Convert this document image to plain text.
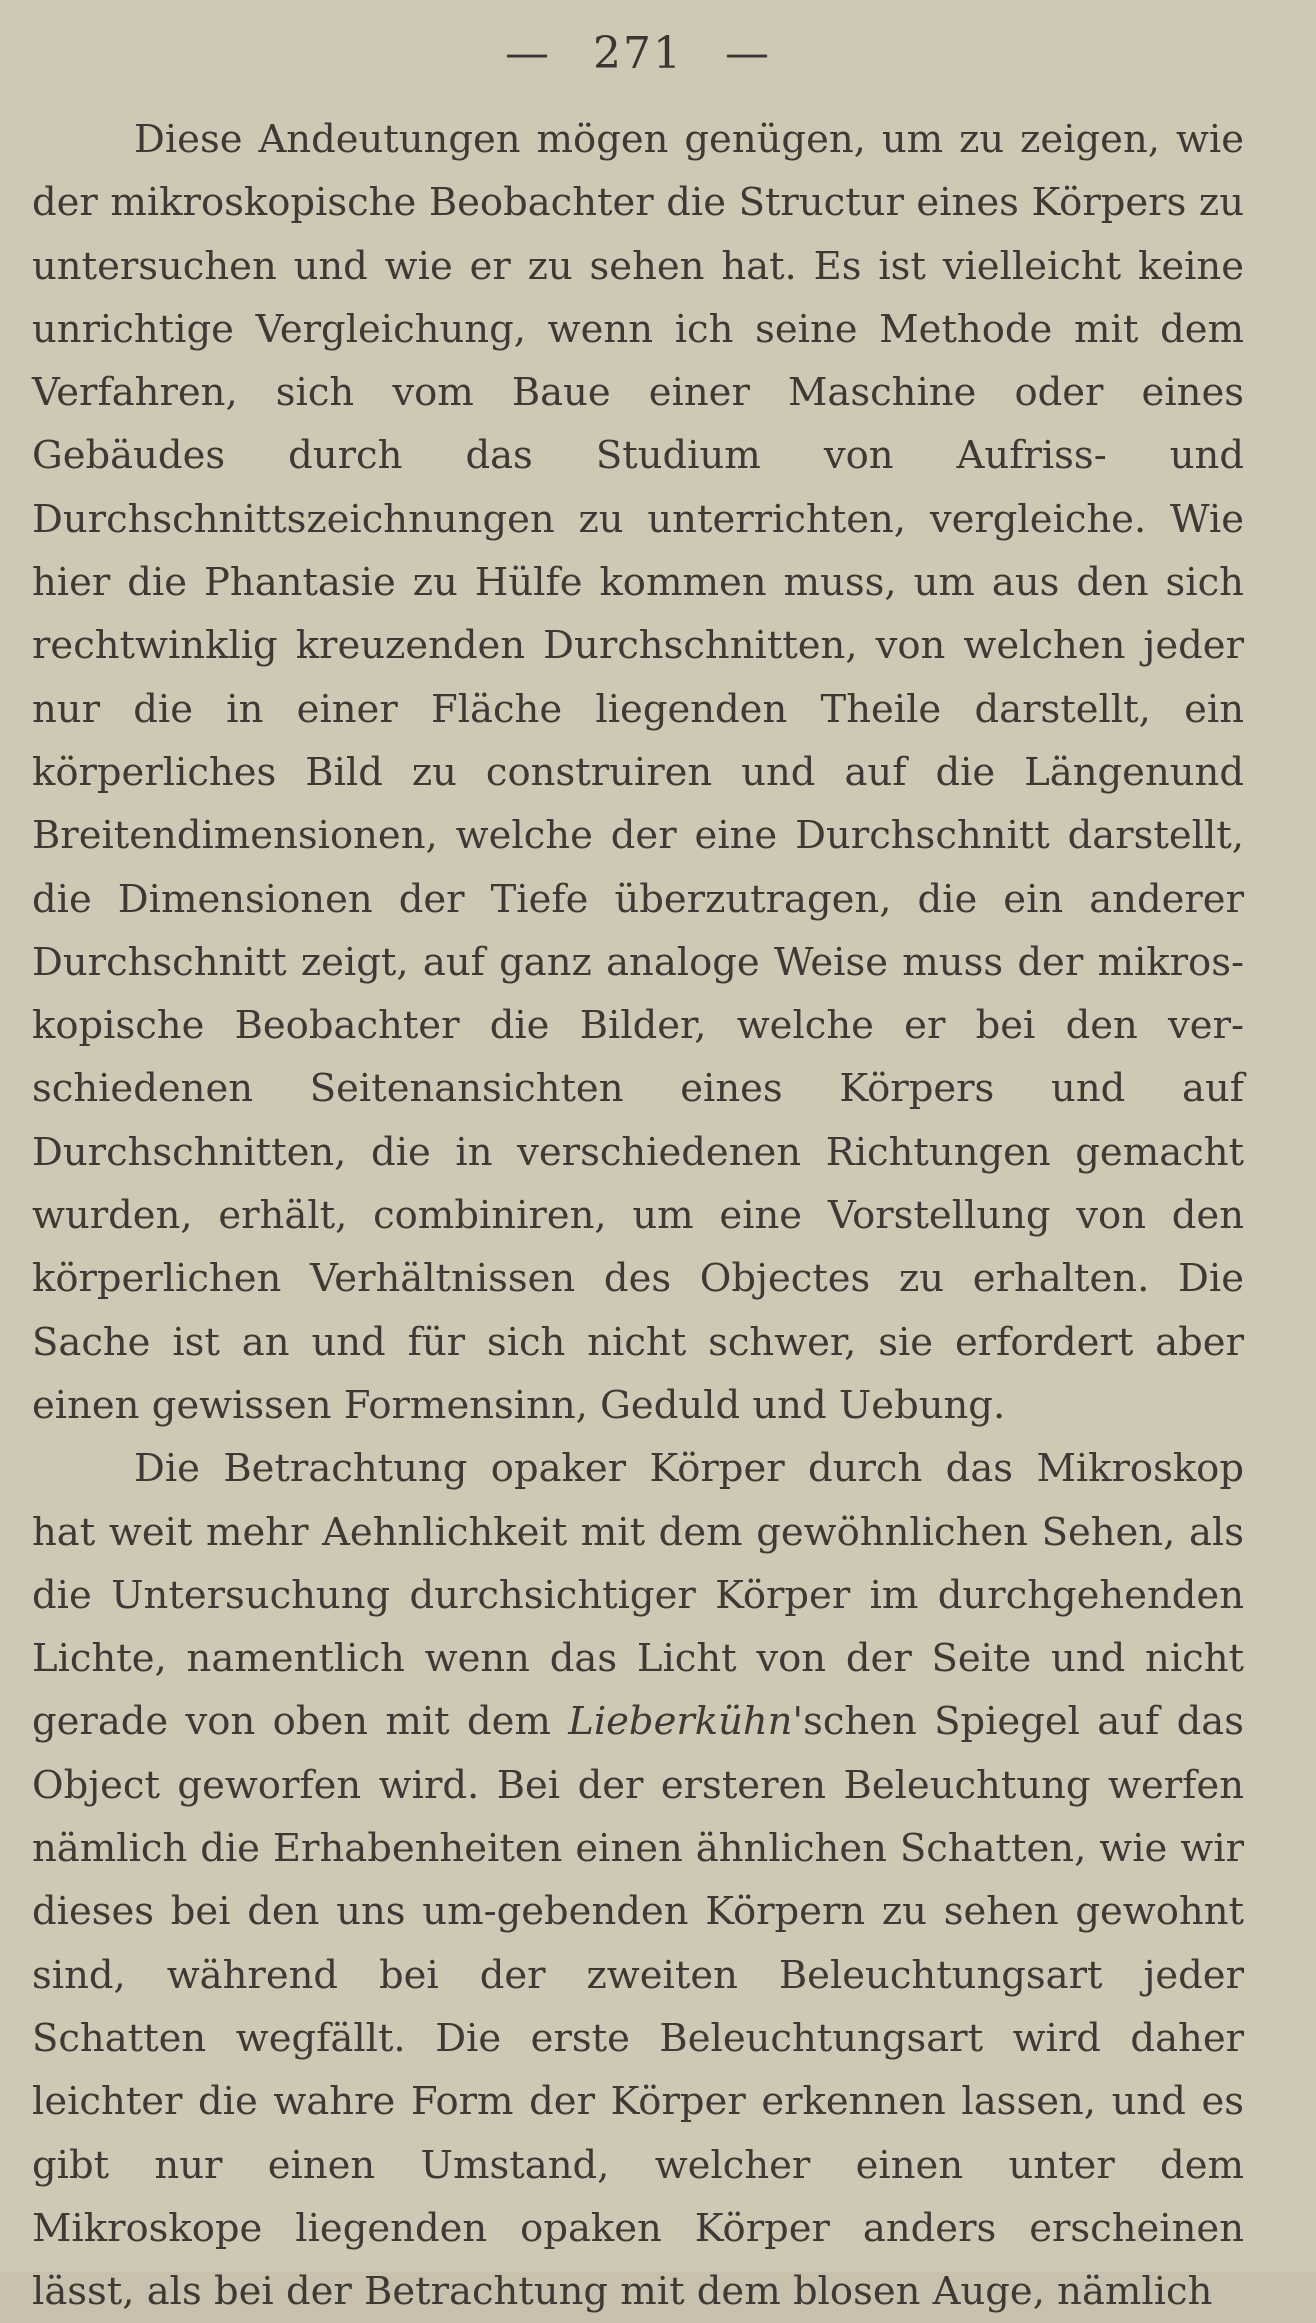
— 271 —

Diese Andeutungen mögen genügen, um zu zeigen, wie der mikroskopische Beobachter die Structur eines Körpers zu untersuchen und wie er zu sehen hat. Es ist vielleicht keine unrichtige Vergleichung, wenn ich seine Methode mit dem Verfahren, sich vom Baue einer Maschine oder eines Gebäudes durch das Studium von Aufriss- und Durchschnittszeichnungen zu unterrichten, vergleiche. Wie hier die Phantasie zu Hülfe kommen muss, um aus den sich rechtwinklig kreuzenden Durchschnitten, von welchen jeder nur die in einer Fläche liegenden Theile darstellt, ein körperliches Bild zu construiren und auf die Längenund Breitendimensionen, welche der eine Durchschnitt darstellt, die Dimensionen der Tiefe überzutragen, die ein anderer Durchschnitt zeigt, auf ganz analoge Weise muss der mikroskopische Beobachter die Bilder, welche er bei den verschiedenen Seitenansichten eines Körpers und auf Durchschnitten, die in verschiedenen Richtungen gemacht wurden, erhält, combiniren, um eine Vorstellung von den körperlichen Verhältnissen des Objectes zu erhalten. Die Sache ist an und für sich nicht schwer, sie erfordert aber einen gewissen Formensinn, Geduld und Uebung.

Die Betrachtung opaker Körper durch das Mikroskop hat weit mehr Aehnlichkeit mit dem gewöhnlichen Sehen, als die Untersuchung durchsichtiger Körper im durchgehenden Lichte, namentlich wenn das Licht von der Seite und nicht gerade von oben mit dem Lieberkühn'schen Spiegel auf das Object geworfen wird. Bei der ersteren Beleuchtung werfen nämlich die Erhabenheiten einen ähnlichen Schatten, wie wir dieses bei den uns um-gebenden Körpern zu sehen gewohnt sind, während bei der zweiten Beleuchtungsart jeder Schatten wegfällt. Die erste Beleuchtungsart wird daher leichter die wahre Form der Körper erkennen lassen, und es gibt nur einen Umstand, welcher einen unter dem Mikroskope liegenden opaken Körper anders erscheinen lässt, als bei der Betrachtung mit dem blosen Auge, nämlich
